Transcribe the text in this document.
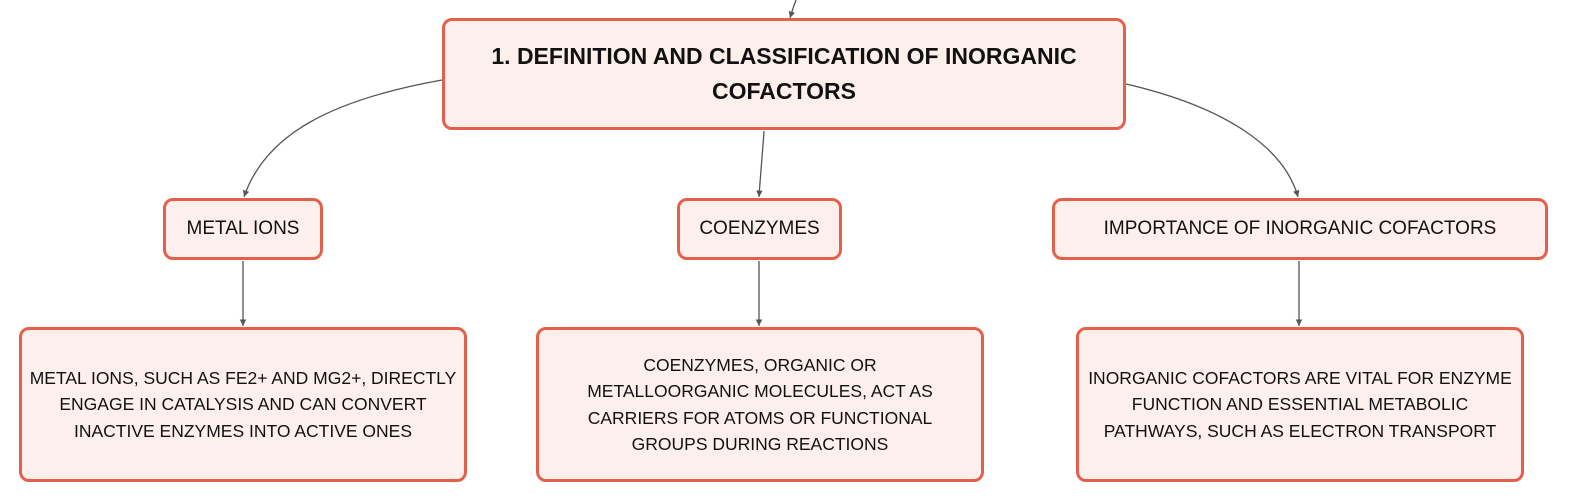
1. DEFINITION AND CLASSIFICATION OF INORGANIC COFACTORS
METAL IONS	COENZYMES	IMPORTANCE OF INORGANIC COFACTORS
METAL IONS, SUCH AS FE2+ AND MG2+, DIRECTLY ENGAGE IN CATALYSIS AND CAN CONVERT INACTIVE ENZYMES INTO ACTIVE ONES
COENZYMES, ORGANIC OR METALLOORGANIC MOLECULES, ACT AS CARRIERS FOR ATOMS OR FUNCTIONAL GROUPS DURING REACTIONS
INORGANIC COFACTORS ARE VITAL FOR ENZYME FUNCTION AND ESSENTIAL METABOLIC PATHWAYS, SUCH AS ELECTRON TRANSPORT
